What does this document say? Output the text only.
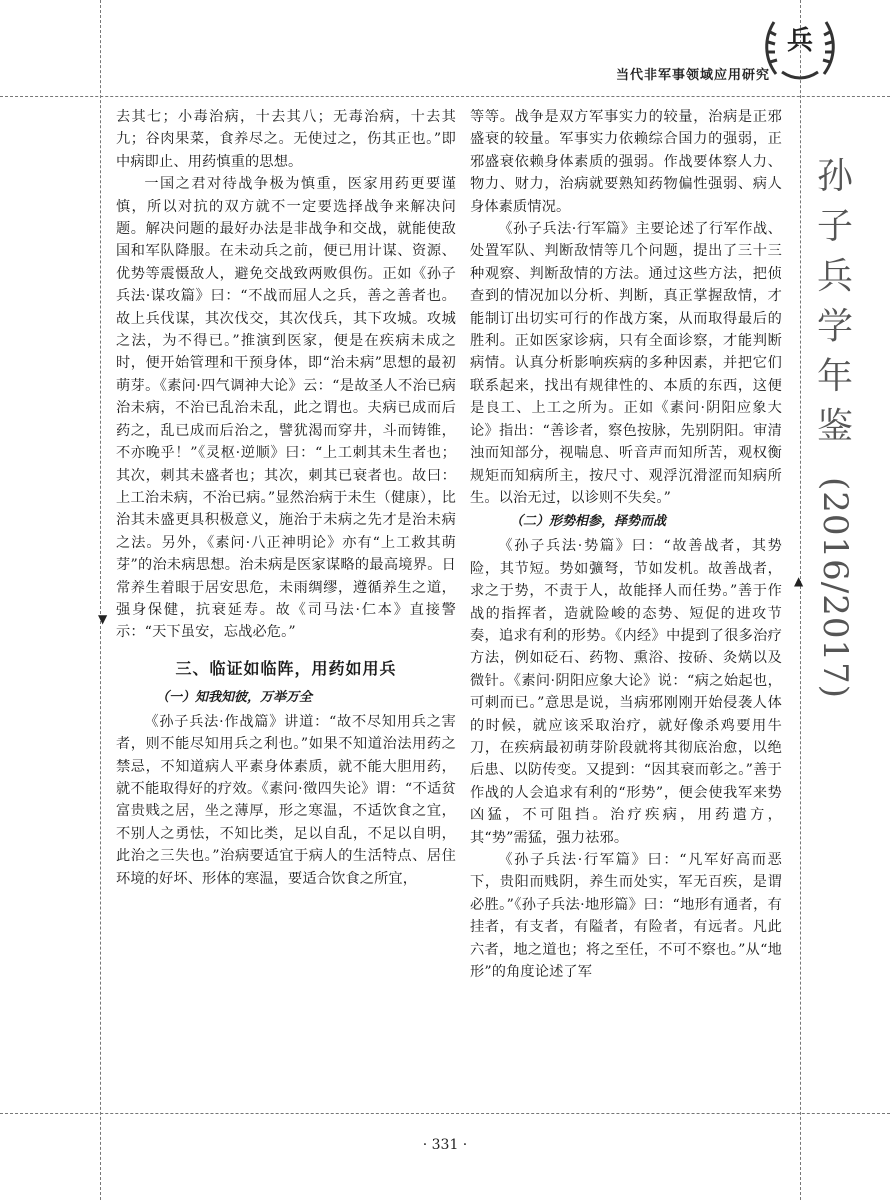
兵
当代非军事领域应用研究
孙
子
兵
学
年
鉴
(2016/2017)
▲
▼

去其七；小毒治病，十去其八；无毒治病，十去其九；谷肉果菜，食养尽之。无使过之，伤其正也。”即中病即止、用药慎重的思想。

一国之君对待战争极为慎重，医家用药更要谨慎，所以对抗的双方就不一定要选择战争来解决问题。解决问题的最好办法是非战争和交战，就能使敌国和军队降服。在未动兵之前，便已用计谋、资源、优势等震慑敌人，避免交战致两败俱伤。正如《孙子兵法·谋攻篇》曰：“不战而屈人之兵，善之善者也。故上兵伐谋，其次伐交，其次伐兵，其下攻城。攻城之法，为不得已。”推演到医家，便是在疾病未成之时，便开始管理和干预身体，即“治未病”思想的最初萌芽。《素问·四气调神大论》云：“是故圣人不治已病治未病，不治已乱治未乱，此之谓也。夫病已成而后药之，乱已成而后治之，譬犹渴而穿井，斗而铸锥，不亦晚乎！”《灵枢·逆顺》曰：“上工刺其未生者也；其次，刺其未盛者也；其次，刺其已衰者也。故曰：上工治未病，不治已病。”显然治病于未生（健康），比治其未盛更具积极意义，施治于未病之先才是治未病之法。另外，《素问·八正神明论》亦有“上工救其萌芽”的治未病思想。治未病是医家谋略的最高境界。日常养生着眼于居安思危，未雨绸缪，遵循养生之道，强身保健，抗衰延寿。故《司马法·仁本》直接警示：“天下虽安，忘战必危。”

三、临证如临阵，用药如用兵
（一）知我知彼，万举万全

《孙子兵法·作战篇》讲道：“故不尽知用兵之害者，则不能尽知用兵之利也。”如果不知道治法用药之禁忌，不知道病人平素身体素质，就不能大胆用药，就不能取得好的疗效。《素问·徵四失论》谓：“不适贫富贵贱之居，坐之薄厚，形之寒温，不适饮食之宜，不别人之勇怯，不知比类，足以自乱，不足以自明，此治之三失也。”治病要适宜于病人的生活特点、居住环境的好坏、形体的寒温，要适合饮食之所宜，

等等。战争是双方军事实力的较量，治病是正邪盛衰的较量。军事实力依赖综合国力的强弱，正邪盛衰依赖身体素质的强弱。作战要体察人力、物力、财力，治病就要熟知药物偏性强弱、病人身体素质情况。

《孙子兵法·行军篇》主要论述了行军作战、处置军队、判断敌情等几个问题，提出了三十三种观察、判断敌情的方法。通过这些方法，把侦查到的情况加以分析、判断，真正掌握敌情，才能制订出切实可行的作战方案，从而取得最后的胜利。正如医家诊病，只有全面诊察，才能判断病情。认真分析影响疾病的多种因素，并把它们联系起来，找出有规律性的、本质的东西，这便是良工、上工之所为。正如《素问·阴阳应象大论》指出：“善诊者，察色按脉，先别阴阳。审清浊而知部分，视喘息、听音声而知所苦，观权衡规矩而知病所主，按尺寸、观浮沉滑涩而知病所生。以治无过，以诊则不失矣。”

（二）形势相参，择势而战

《孙子兵法·势篇》曰：“故善战者，其势险，其节短。势如彍弩，节如发机。故善战者，求之于势，不责于人，故能择人而任势。”善于作战的指挥者，造就险峻的态势、短促的进攻节奏，追求有利的形势。《内经》中提到了很多治疗方法，例如砭石、药物、熏浴、按硚、灸焫以及微针。《素问·阴阳应象大论》说：“病之始起也，可刺而已。”意思是说，当病邪刚刚开始侵袭人体的时候，就应该采取治疗，就好像杀鸡要用牛刀，在疾病最初萌芽阶段就将其彻底治愈，以绝后患、以防传变。又提到：“因其衰而彰之。”善于作战的人会追求有利的“形势”，便会使我军来势凶猛，不可阻挡。治疗疾病，用药遣方，其“势”需猛，强力祛邪。

《孙子兵法·行军篇》曰：“凡军好高而恶下，贵阳而贱阴，养生而处实，军无百疾，是谓必胜。”《孙子兵法·地形篇》曰：“地形有通者，有挂者，有支者，有隘者，有险者，有远者。凡此六者，地之道也；将之至任，不可不察也。”从“地形”的角度论述了军

· 331 ·
